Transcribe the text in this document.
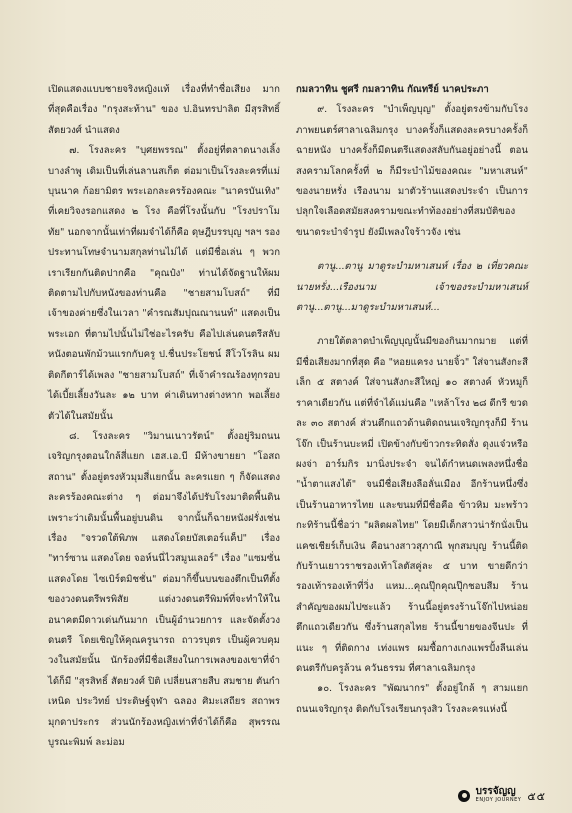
เปิดแสดงแบบชายจริงหญิงแท้ เรื่องที่ทำชื่อเสียง มากที่สุดคือเรื่อง "กรุงสะท้าน" ของ ป.อินทรปาลิต มีสุรสิทธิ์ สัตยวงศ์ นำแสดง

๗. โรงละคร "บุศยพรรณ" ตั้งอยู่ที่ตลาดนางเลิ้ง บางลำพู เดิมเป็นที่เล่นลานสเก็ต ต่อมาเป็นโรงละครที่แม่บุนนาค ก้อยามิตร พระเอกละครร้องคณะ "นาครบันเทิง" ที่เคยวิจงรอกแสดง ๒ โรง คือที่โรงนั้นกับ "โรงปราโมทัย" นอกจากนั้นเท่าที่ผมจำได้ก็คือ ดุษฎีบรรบุญ ฯลฯ รองประทานโทษจำนามสกุลท่านไม่ได้ แต่มีชื่อเล่น ๆ พวกเราเรียกกันติดปากคือ "คุณป๋ง" ท่านได้จัดฐานให้ผมติดตามไปกับหนังของท่านคือ "ชายสามโบสถ์" ที่มีเจ้าของค่ายซึ่งในเวลา "คำรณสัมปุณณานนท์" แสดงเป็นพระเอก ที่ตามไปนั้นไม่ใช่อะไรครับ คือไปเล่นดนตรีสลับหนังตอนพักม้วนแรกกับครู ป.ชื่นประโยชน์ สีโวโรลิน ผมติดกีตาร์ได้เพลง "ชายสามโบสถ์" ที่เจ้าคำรณร้องทุกรอบได้เบี้ยเลี้ยงวันละ ๑๒ บาท ค่าเดินทางต่างหาก พอเลี้ยงตัวได้ในสมัยนั้น

๘. โรงละคร "วิมานเนาวรัตน์" ตั้งอยู่ริมถนนเจริญกรุงตอนใกล้สี่แยก เฮส.เอ.บี มีห้างขายยา "โอสถสถาน" ตั้งอยู่ตรงหัวมุมสี่แยกนั้น ละครแยก ๆ ก็จัดแสดงละครร้องคณะต่าง ๆ ต่อมาจึงได้ปรับโรงมาติดพื้นดิน เพราะว่าเดิมนั้นพื้นอยู่บนดิน จากนั้นก็ฉายหนังฝรั่งเช่นเรื่อง "จรวดใต้พิภพ แสดงโดยบัสเตอร์แค็ป" เรื่อง "ทาร์ซาน แสดงโดย จอห์นนี่ไวสมูนเลอร์" เรื่อง "แซมซั่น แสดงโดย ไซเบิร์ตมิชชั่น" ต่อมาก็ขึ้นบนของตึกเป็นทีตั้งของวงดนตรีพรพิสัย แต่งวงดนตรีพิมพ์ที่จะทำให้ในอนาคตมีดาวเด่นกันมาก เป็นผู้อำนวยการ และจัดตั้งวงดนตรี โดยเชิญให้คุณครูนารถ ถาวรบุตร เป็นผู้ควบคุมวงในสมัยนั้น นักร้องที่มีชื่อเสียงในการเพลงของเขาที่จำได้ก็มี "สุรสิทธิ์ สัตยวงศ์ ปิติ เปลี่ยนสายสืบ สมชาย ตันกำเหนิด ประวิทย์ ประดิษฐ์จุฬา ฉลอง ศิมะเสถียร สถาพร มุกดาประกร ส่วนนักร้องหญิงเท่าที่จำได้ก็คือ สุพรรณ บูรณะพิมพ์ ละม่อม

กมลวาทิน ชูศรี กมลวาทิน กัณทรีย์ นาคประภา

๙. โรงละคร "บำเพ็ญบุญ" ตั้งอยู่ตรงข้ามกับโรงภาพยนตร์ศาลาเฉลิมกรุง บางครั้งก็แสดงละครบางครั้งก็ฉายหนัง บางครั้งก็มีดนตรีแสดงสลับกันอยู่อย่างนี้ ตอนสงครามโลกครั้งที่ ๒ ก็มีระบำไม้ของคณะ "มหาเสนห์" ของนายหรั่ง เรืองนาม มาตัวร้านแสดงประจำ เป็นการปลุกใจเลือดสมัยสงครามขณะทำท้องอย่างที่สมบัติของ ขนาดระบำจำรูป ยังมีเพลงใจร้าวจัง เช่น

ตานู...ตานู มาดูระบำมหาเสนห์ เรื่อง ๒ เที่ยวคณะนายหรั่ง...เรืองนาม เจ้าของระบำมหาเสนห์ ตานู...ตานู...มาดูระบำมหาเสนห์...

ภายใต้ตลาดบำเพ็ญบุญนั้นมีของกินมากมาย แต่ที่มีชื่อเสียงมากที่สุด คือ "หอยแครง นายจิ้ว" ใส่จานสังกะสีเล็ก ๕ สตางค์ ใส่จานสังกะสีใหญ่ ๑๐ สตางค์ หัวหมูก็ราคาเดียวกัน แต่ที่จำได้แม่นคือ "เหล้าโรง ๒๘ ดีกรี ขวดละ ๓๐ สตางค์ ส่วนตึกแถวด้านติดถนนเจริญกรุงก็มี ร้านโจ๊ก เป็นร้านบะหมี่ เปิดข้างกับข้าวกระทิดสั่ง ดุงแจ๋วหรือผงจ่า อาร์มกิร มานิ่งประจำ จนได้กำหนดเพลงหนึ่งชื่อ "น้ำตาแสงไต้" จนมีชื่อเสียงลือลั่นเมือง อีกร้านหนึ่งซึ่งเป็นร้านอาหารไทย และขนมที่มีชื่อคือ ข้าวหิม มะพร้าวกะทิร้านนี้ชื่อว่า "ผลิตผลไทย" โดยมีเด็กสาวน่ารักนั่งเป็นแคชเชียร์เก็บเงิน คือนางสาวสุภาณี พุกสมบุญ ร้านนี้ติดกับร้านเยาวราชรองเท้าโลตัสคู่ละ ๕ บาท ขายดีกว่ารองเท้ารองเท้าที่วิ่ง แหม...คุณปุ๊กคุณปุ๊กชอบสีม ร้านสำคัญของผมไปซะแล้ว ร้านนี้อยู่ตรงร้านโจ๊กไปหน่อยตึกแถวเดียวกัน ซึ่งร้านสกุลไทย ร้านนี้ขายของจีนปะ ที่แนะ ๆ ที่ติดกาง เท่งแพร ผมซื้อกางเกงแพรปั้งลีนเล่นดนตรีกับครูล้วน ควันธรรม ที่ศาลาเฉลิมกรุง

๑๐. โรงละคร "พัฒนากร" ตั้งอยู่ใกล้ ๆ สามแยกถนนเจริญกรุง ติดกับโรงเรียนกรุงสิว โรงละครแห่งนี้

บรรจัญญ
ENJOY JOURNEY ๕๕
